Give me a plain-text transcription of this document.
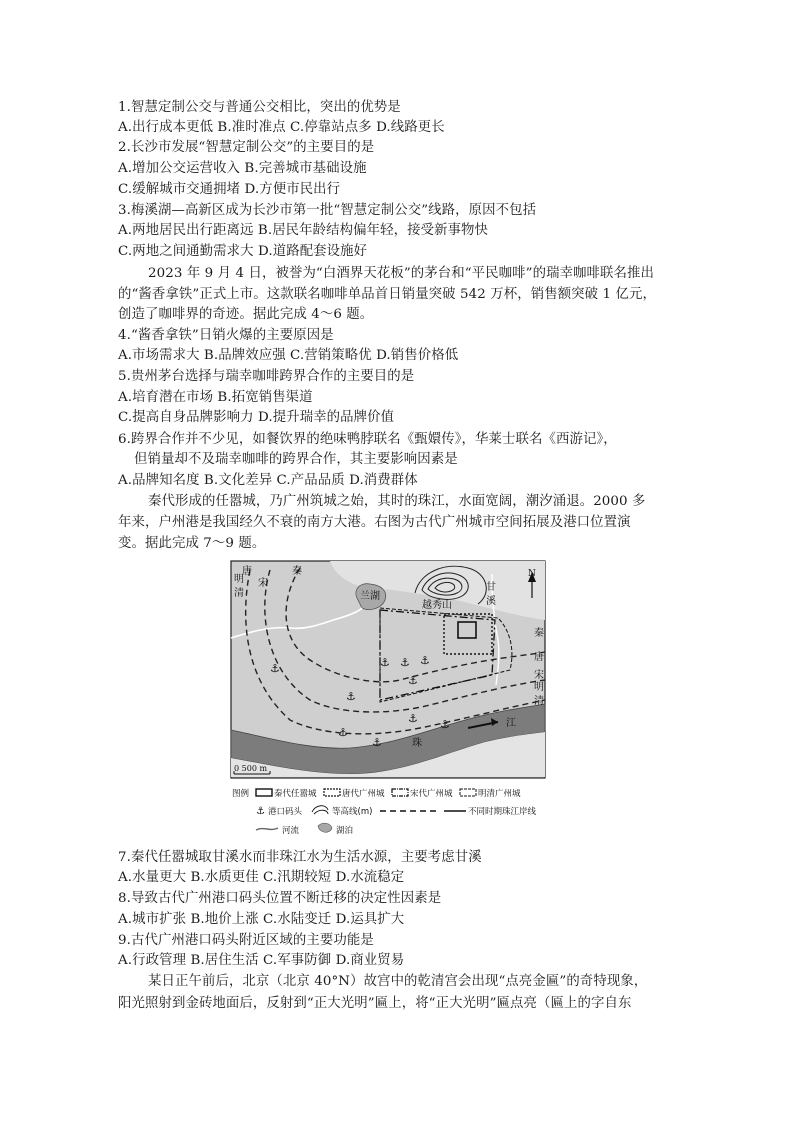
1.智慧定制公交与普通公交相比，突出的优势是
A.出行成本更低 B.准时准点 C.停靠站点多 D.线路更长
2.长沙市发展“智慧定制公交”的主要目的是
A.增加公交运营收入 B.完善城市基础设施
C.缓解城市交通拥堵 D.方便市民出行
3.梅溪湖—高新区成为长沙市第一批“智慧定制公交”线路，原因不包括
A.两地居民出行距离远 B.居民年龄结构偏年轻，接受新事物快
C.两地之间通勤需求大 D.道路配套设施好
2023 年 9 月 4 日，被誉为“白酒界天花板”的茅台和“平民咖啡”的瑞幸咖啡联名推出
的“酱香拿铁”正式上市。这款联名咖啡单品首日销量突破 542 万杯，销售额突破 1 亿元，
创造了咖啡界的奇迹。据此完成 4～6 题。
4.“酱香拿铁”日销火爆的主要原因是
A.市场需求大 B.品牌效应强 C.营销策略优 D.销售价格低
5.贵州茅台选择与瑞幸咖啡跨界合作的主要目的是
A.培育潜在市场 B.拓宽销售渠道
C.提高自身品牌影响力 D.提升瑞幸的品牌价值
6.跨界合作并不少见，如餐饮界的绝味鸭脖联名《甄嬛传》，华莱士联名《西游记》，
但销量却不及瑞幸咖啡的跨界合作，其主要影响因素是
A.品牌知名度 B.文化差异 C.产品品质 D.消费群体
秦代形成的任嚣城，乃广州筑城之始，其时的珠江，水面宽阔，潮汐涌退。2000 多
年来，户州港是我国经久不衰的南方大港。右图为古代广州城市空间拓展及港口位置演
变。据此完成 7～9 题。
⚓ ⚓ ⚓
⚓
⚓
⚓
⚓
⚓
⚓
⚓
明
唐
宋
清
秦
兰湖
越秀山
甘
溪
N
秦
唐
宋
明
清
江
珠
0 500 m
图例	秦代任嚣城	唐代广州城	宋代广州城	明清广州城
⚓ 港口码头	等高线(m)	不同时期珠江岸线
河流	湖泊
7.秦代任嚣城取甘溪水而非珠江水为生活水源，主要考虑甘溪
A.水量更大 B.水质更佳 C.汛期较短 D.水流稳定
8.导致古代广州港口码头位置不断迁移的决定性因素是
A.城市扩张 B.地价上涨 C.水陆变迁 D.运具扩大
9.古代广州港口码头附近区域的主要功能是
A.行政管理 B.居住生活 C.军事防御 D.商业贸易
某日正午前后，北京（北京 40°N）故宫中的乾清宫会出现“点亮金匾”的奇特现象，
阳光照射到金砖地面后，反射到“正大光明”匾上，将“正大光明”匾点亮（匾上的字自东
